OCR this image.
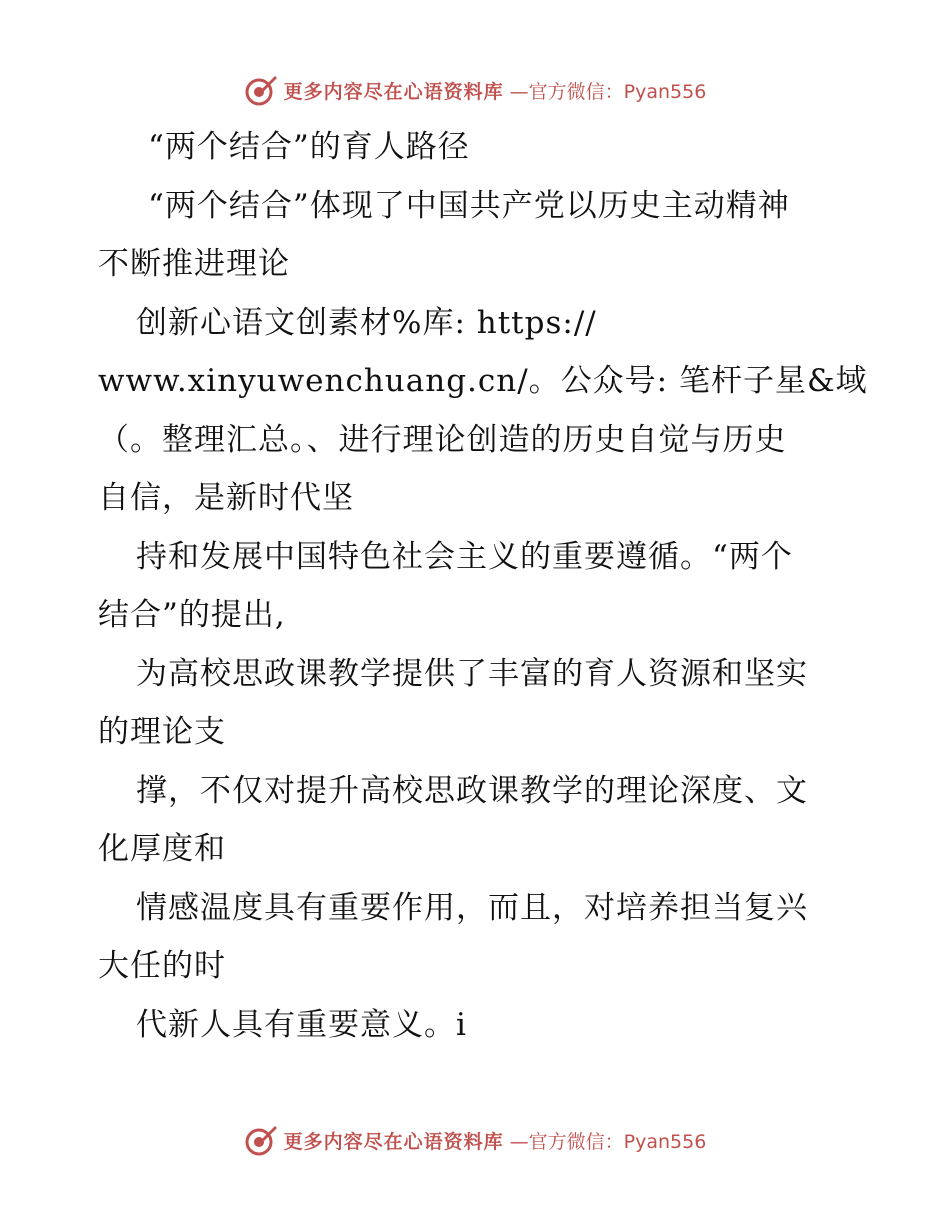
更多内容尽在心语资料库 —官方微信：Pyan556
“两个结合”的育人路径
“两个结合”体现了中国共产党以历史主动精神
不断推进理论
创新心语文创素材%库: https://
www.xinyuwenchuang.cn/。公众号: 笔杆子星&域
（。整理汇总。、进行理论创造的历史自觉与历史
自信，是新时代坚
持和发展中国特色社会主义的重要遵循。“两个
结合”的提出,
为高校思政课教学提供了丰富的育人资源和坚实
的理论支
撑，不仅对提升高校思政课教学的理论深度、文
化厚度和
情感温度具有重要作用，而且，对培养担当复兴
大任的时
代新人具有重要意义。i
更多内容尽在心语资料库 —官方微信：Pyan556
